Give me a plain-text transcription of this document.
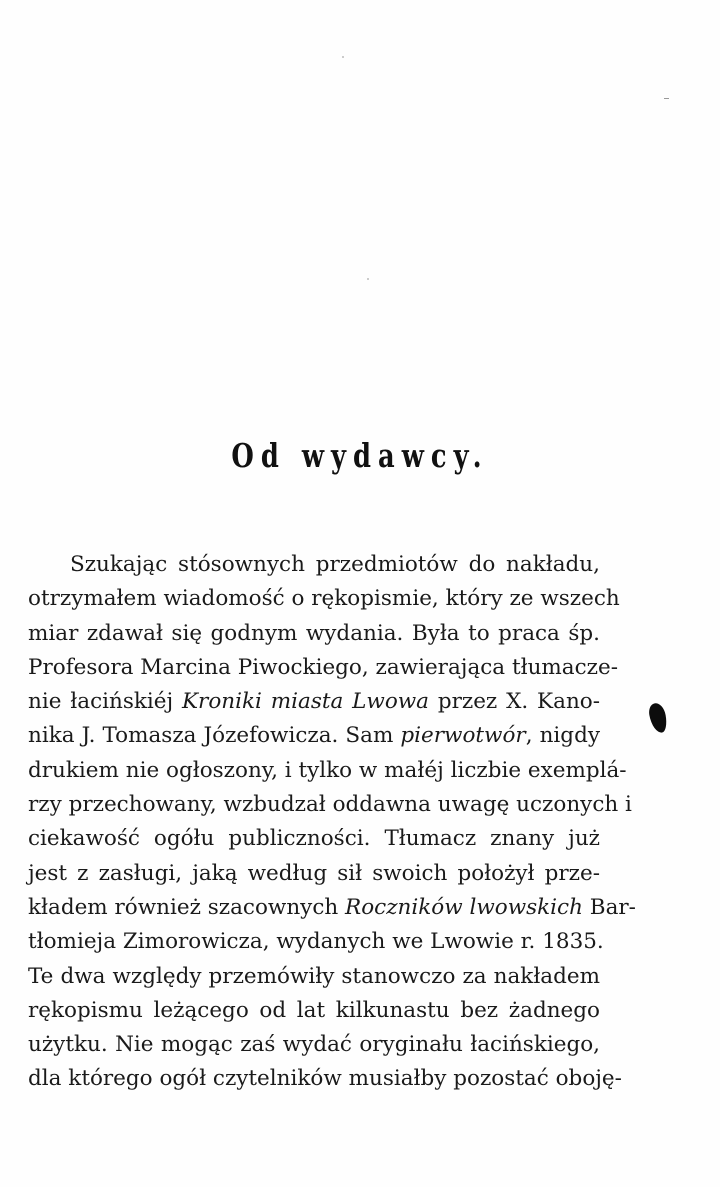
Od wydawcy.
Szukając stósownych przedmiotów do nakładu,
otrzymałem wiadomość o rękopismie, który ze wszech
miar zdawał się godnym wydania. Była to praca śp.
Profesora Marcina Piwockiego, zawierająca tłumacze-
nie łacińskiéj Kroniki miasta Lwowa przez X. Kano-
nika J. Tomasza Józefowicza. Sam pierwotwór, nigdy
drukiem nie ogłoszony, i tylko w małéj liczbie exemplá-
rzy przechowany, wzbudzał oddawna uwagę uczonych i
ciekawość ogółu publiczności. Tłumacz znany już
jest z zasługi, jaką według sił swoich położył prze-
kładem również szacownych Roczników lwowskich Bar-
tłomieja Zimorowicza, wydanych we Lwowie r. 1835.
Te dwa względy przemówiły stanowczo za nakładem
rękopismu leżącego od lat kilkunastu bez żadnego
użytku. Nie mogąc zaś wydać oryginału łacińskiego,
dla którego ogół czytelników musiałby pozostać oboję-
